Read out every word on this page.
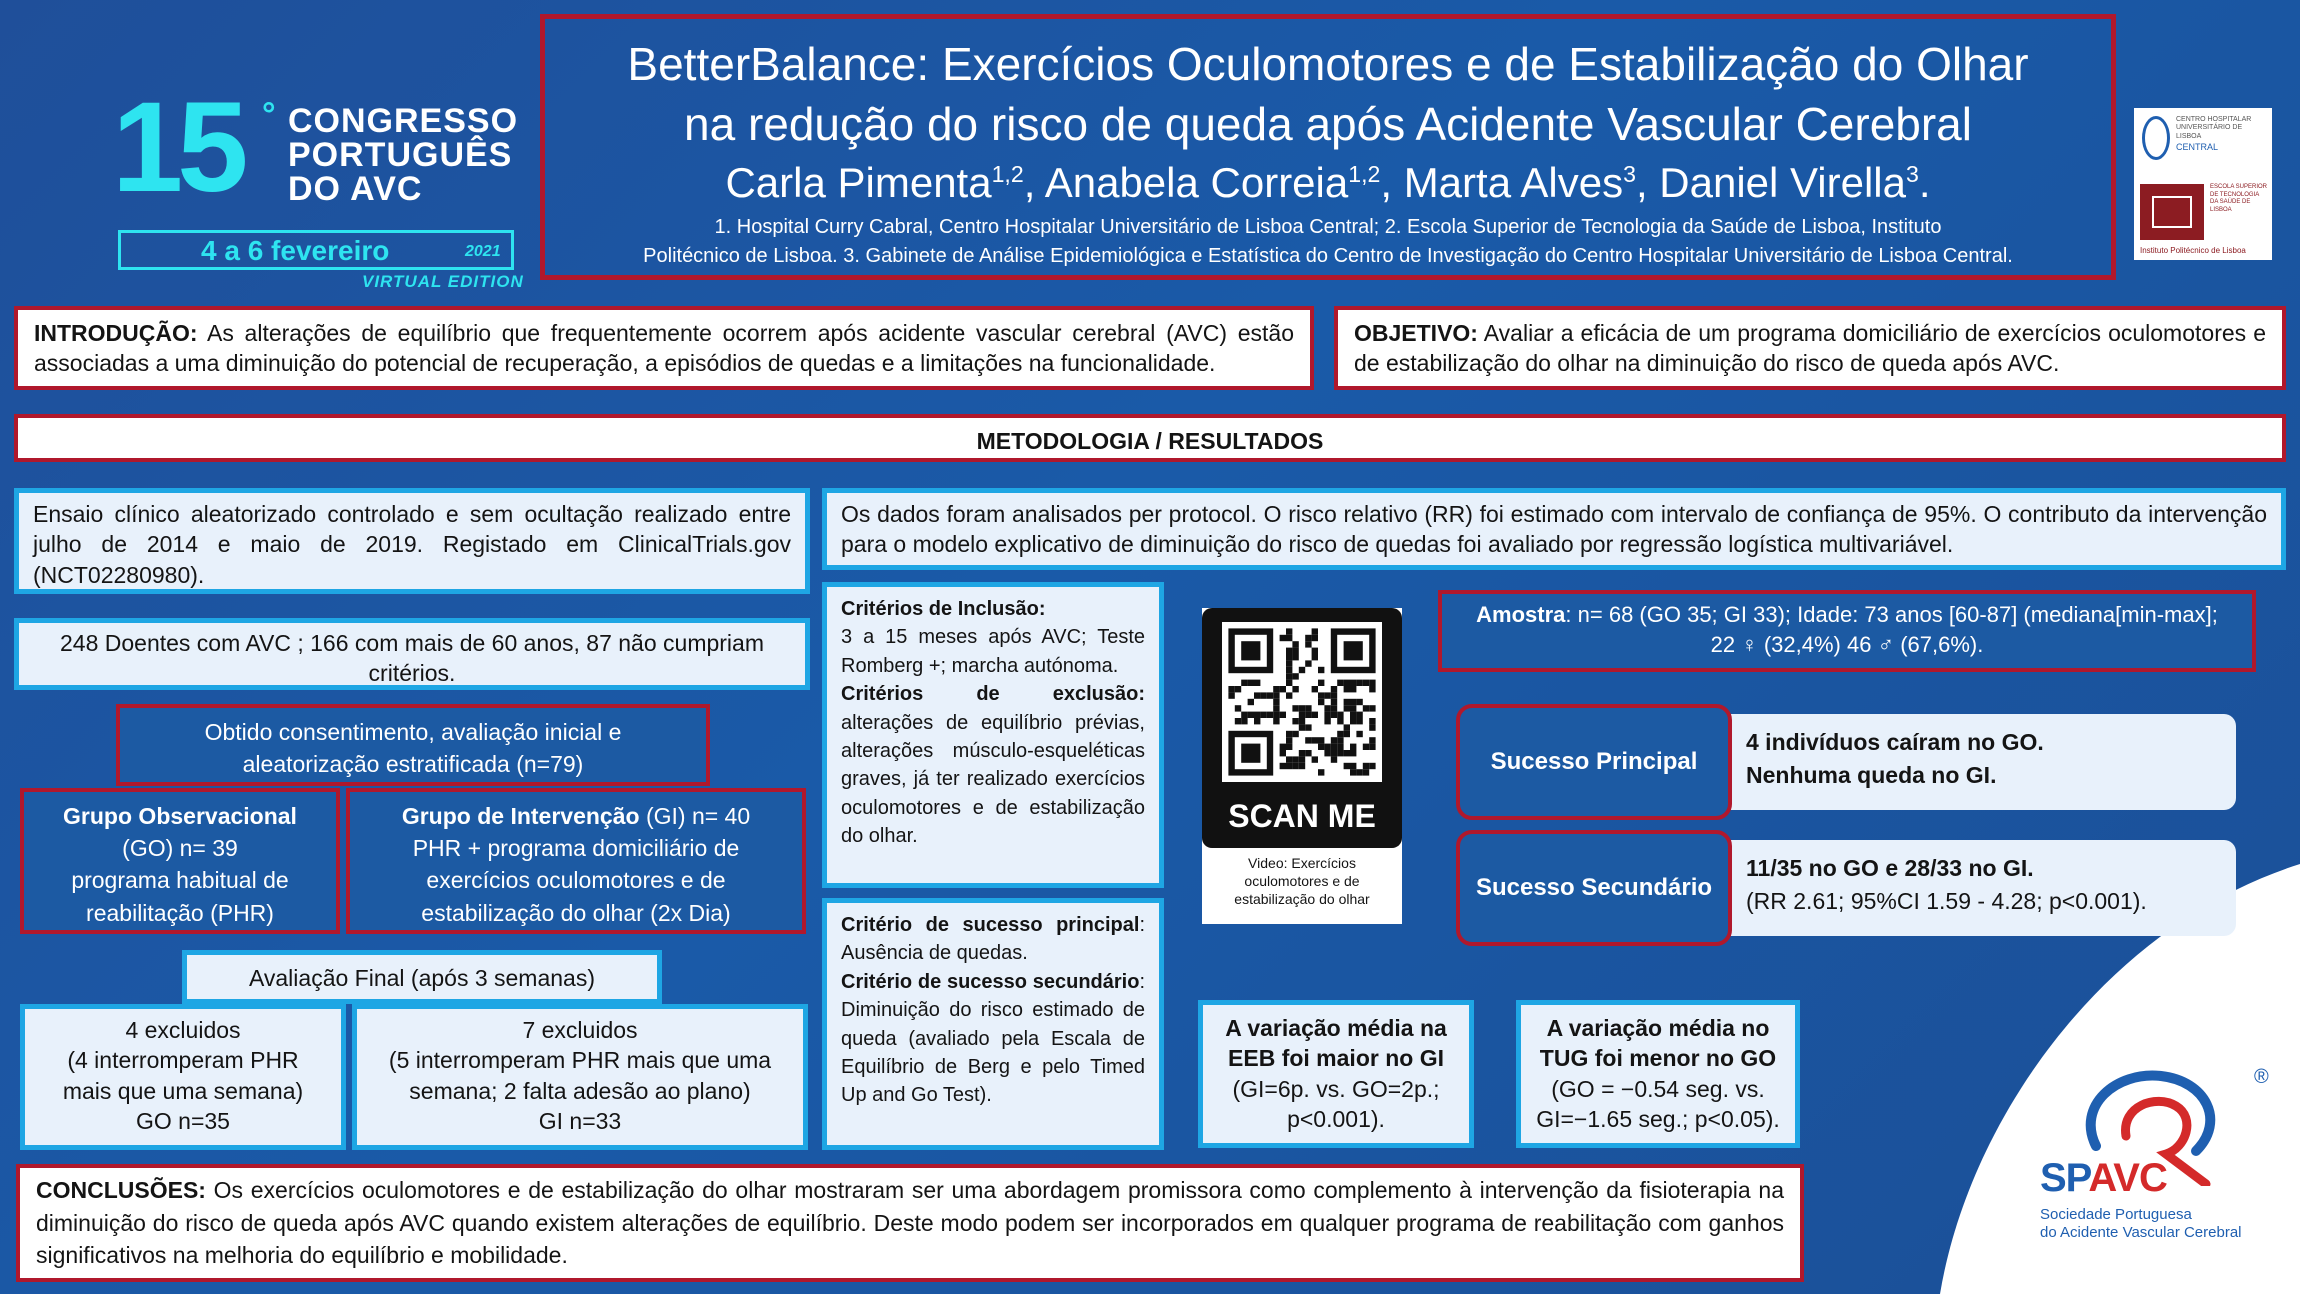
15 ° CONGRESSO
PORTUGUÊS
DO AVC
4 a 6 fevereiro	2021
VIRTUAL EDITION
BetterBalance: Exercícios Oculomotores e de Estabilização do Olhar
na redução do risco de queda após Acidente Vascular Cerebral
Carla Pimenta$^{1,2}$, Anabela Correia$^{1,2}$, Marta Alves$^3$, Daniel Virella$^3$.
1. Hospital Curry Cabral, Centro Hospitalar Universitário de Lisboa Central; 2. Escola Superior de Tecnologia da Saúde de Lisboa, Instituto
Politécnico de Lisboa. 3. Gabinete de Análise Epidemiológica e Estatística do Centro de Investigação do Centro Hospitalar Universitário de Lisboa Central.
CENTRO HOSPITALAR UNIVERSITÁRIO DE LISBOA
CENTRAL
ESCOLA SUPERIOR DE TECNOLOGIA DA SAÚDE DE LISBOA
Instituto Politécnico de Lisboa
INTRODUÇÃO: As alterações de equilíbrio que frequentemente ocorrem após acidente vascular cerebral (AVC) estão associadas a uma diminuição do potencial de recuperação, a episódios de quedas e a limitações na funcionalidade.
OBJETIVO: Avaliar a eficácia de um programa domiciliário de exercícios oculomotores e de estabilização do olhar na diminuição do risco de queda após AVC.
METODOLOGIA / RESULTADOS
Ensaio clínico aleatorizado controlado e sem ocultação realizado entre julho de 2014 e maio de 2019. Registado em ClinicalTrials.gov (NCT02280980).
248 Doentes com AVC ; 166 com mais de 60 anos, 87 não cumpriam critérios.
Obtido consentimento, avaliação inicial e aleatorização estratificada (n=79)
Grupo Observacional
(GO) n= 39
programa habitual de
reabilitação (PHR)
Grupo de Intervenção (GI) n= 40
PHR + programa domiciliário de
exercícios oculomotores e de
estabilização do olhar (2x Dia)
Avaliação Final (após 3 semanas)
4 excluidos
(4 interromperam PHR
mais que uma semana)
GO n=35
7 excluidos
(5 interromperam PHR mais que uma
semana; 2 falta adesão ao plano)
GI n=33
Os dados foram analisados per protocol. O risco relativo (RR) foi estimado com intervalo de confiança de 95%. O contributo da intervenção para o modelo explicativo de diminuição do risco de quedas foi avaliado por regressão logística multivariável.
Critérios de Inclusão:
3 a 15 meses após AVC; Teste Romberg +; marcha autónoma.
Critérios de exclusão: alterações de equilíbrio prévias, alterações músculo-esqueléticas graves, já ter realizado exercícios oculomotores e de estabilização do olhar.
Critério de sucesso principal: Ausência de quedas.
Critério de sucesso secundário: Diminuição do risco estimado de queda (avaliado pela Escala de Equilíbrio de Berg e pelo Timed Up and Go Test).
SCAN ME
Video: Exercícios oculomotores e de estabilização do olhar
Amostra: n= 68 (GO 35; GI 33); Idade: 73 anos [60-87] (mediana[min-max];
22 ♀ (32,4%) 46 ♂ (67,6%).
4 indivíduos caíram no GO.
Nenhuma queda no GI.
Sucesso Principal
11/35 no GO e 28/33 no GI.
(RR 2.61; 95%CI 1.59 - 4.28; p<0.001).
Sucesso Secundário
A variação média na
EEB foi maior no GI
(GI=6p. vs. GO=2p.;
p<0.001).
A variação média no
TUG foi menor no GO
(GO = −0.54 seg. vs.
GI=−1.65 seg.; p<0.05).
CONCLUSÕES: Os exercícios oculomotores e de estabilização do olhar mostraram ser uma abordagem promissora como complemento à intervenção da fisioterapia na diminuição do risco de queda após AVC quando existem alterações de equilíbrio. Deste modo podem ser incorporados em qualquer programa de reabilitação com ganhos significativos na melhoria do equilíbrio e mobilidade.
®
SPAVC
Sociedade Portuguesa
do Acidente Vascular Cerebral
